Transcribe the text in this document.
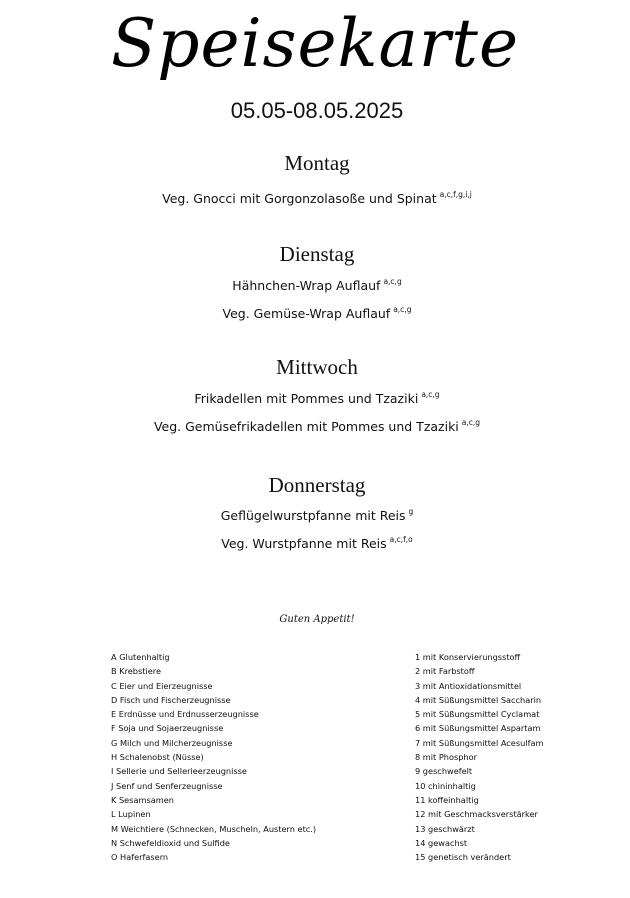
Speisekarte
05.05-08.05.2025
Montag
Veg. Gnocci mit Gorgonzolasoße und Spinat $^{a,c,f,g,i,j}$
Dienstag
Hähnchen-Wrap Auflauf $^{a,c,g}$
Veg. Gemüse-Wrap Auflauf $^{a,c,g}$
Mittwoch
Frikadellen mit Pommes und Tzaziki $^{a,c,g}$
Veg. Gemüsefrikadellen mit Pommes und Tzaziki $^{a,c,g}$
Donnerstag
Geflügelwurstpfanne mit Reis $^g$
Veg. Wurstpfanne mit Reis $^{a,c,f,o}$
Guten Appetit!
A Glutenhaltig
B Krebstiere
C Eier und Eierzeugnisse
D Fisch und Fischerzeugnisse
E Erdnüsse und Erdnusserzeugnisse
F Soja und Sojaerzeugnisse
G Milch und Milcherzeugnisse
H Schalenobst (Nüsse)
I Sellerie und Sellerieerzeugnisse
J Senf und Senferzeugnisse
K Sesamsamen
L Lupinen
M Weichtiere (Schnecken, Muscheln, Austern etc.)
N Schwefeldioxid und Sulfide
O Haferfasern
1 mit Konservierungsstoff
2 mit Farbstoff
3 mit Antioxidationsmittel
4 mit Süßungsmittel Saccharin
5 mit Süßungsmittel Cyclamat
6 mit Süßungsmittel Aspartam
7 mit Süßungsmittel Acesulfam
8 mit Phosphor
9 geschwefelt
10 chininhaltig
11 koffeinhaltig
12 mit Geschmacksverstärker
13 geschwärzt
14 gewachst
15 genetisch verändert
